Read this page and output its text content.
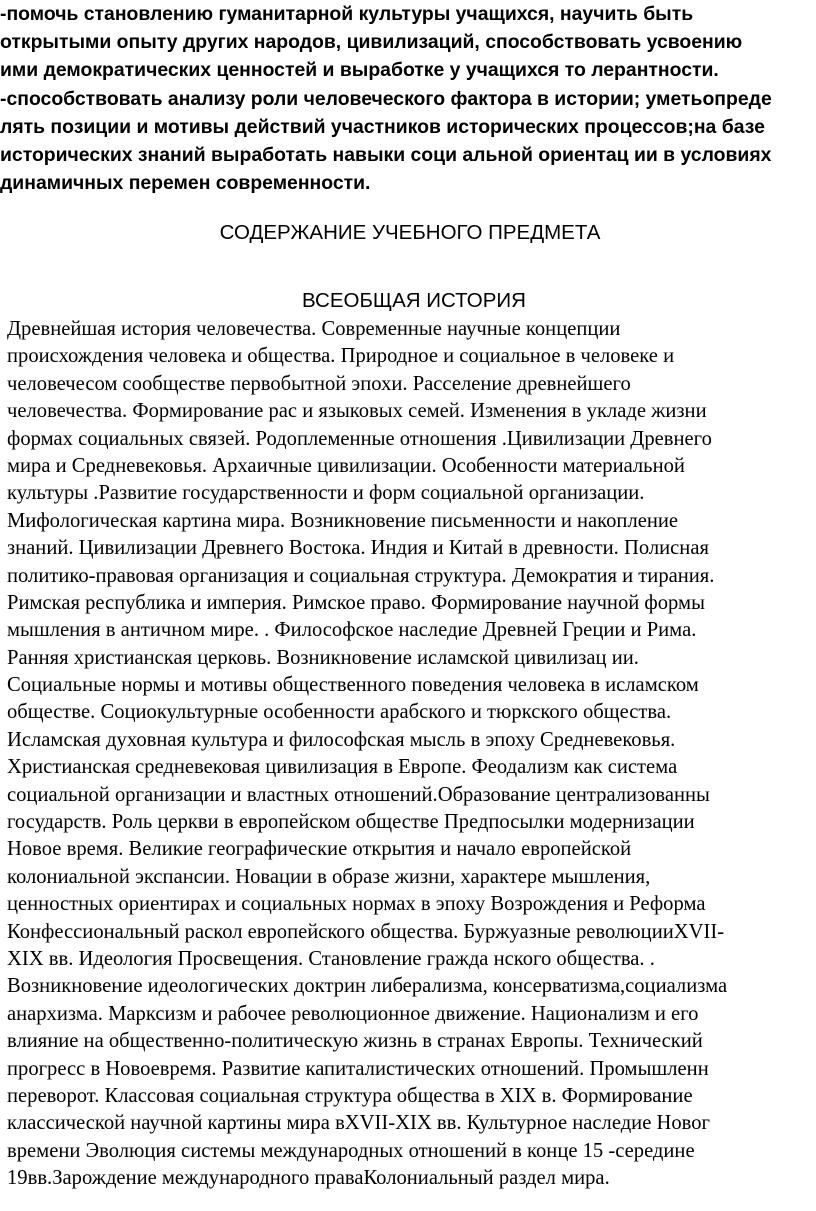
-помочь становлению гуманитарной культуры учащихся, научить быть
открытыми опыту других народов, цивилизаций, способствовать усвоению
ими демократических ценностей и выработке у учащихся то лерантности.
-способствовать анализу роли человеческого фактора в истории; уметьопреде
лять позиции и мотивы действий участников исторических процессов;на базе
исторических знаний выработать навыки соци альной ориентац ии в условиях
динамичных перемен современности.
СОДЕРЖАНИЕ УЧЕБНОГО ПРЕДМЕТА
ВСЕОБЩАЯ ИСТОРИЯ
Древнейшая история человечества. Современные научные концепции
происхождения человека и общества. Природное и социальное в человеке и
человечесом сообществе первобытной эпохи. Расселение древнейшего
человечества. Формирование рас и языковых семей. Изменения в укладе жизни
формах социальных связей. Родоплеменные отношения .Цивилизации Древнего
мира и Средневековья. Архаичные цивилизации. Особенности материальной
культуры .Развитие государственности и форм социальной организации.
Мифологическая картина мира. Возникновение письменности и накопление
знаний. Цивилизации Древнего Востока. Индия и Китай в древности. Полисная
политико-правовая организация и социальная структура. Демократия и тирания.
Римская республика и империя. Римское право. Формирование научной формы
мышления в античном мире. . Философское наследие Древней Греции и Рима.
Ранняя христианская церковь. Возникновение исламской цивилизац ии.
Социальные нормы и мотивы общественного поведения человека в исламском
обществе. Социокультурные особенности арабского и тюркского общества.
Исламская духовная культура и философская мысль в эпоху Средневековья.
Христианская средневековая цивилизация в Европе. Феодализм как система
социальной организации и властных отношений.Образование централизованны
государств. Роль церкви в европейском обществе Предпосылки модернизации
Новое время. Великие географические открытия и начало европейской
колониальной экспансии. Новации в образе жизни, характере мышления,
ценностных ориентирах и социальных нормах в эпоху Возрождения и Реформа
Конфессиональный раскол европейского общества. Буржуазные революцииXVII-
XIX вв. Идеология Просвещения. Становление гражда нского общества. .
Возникновение идеологических доктрин либерализма, консерватизма,социализма
анархизма. Марксизм и рабочее революционное движение. Национализм и его
влияние на общественно-политическую жизнь в странах Европы. Технический
прогресс в Новоевремя. Развитие капиталистических отношений. Промышленн
переворот. Классовая социальная структура общества в XIX в. Формирование
классической научной картины мира вXVII-XIX вв. Культурное наследие Новог
времени Эволюция системы международных отношений в конце 15 -середине
19вв.Зарождение международного праваКолониальный раздел мира.
